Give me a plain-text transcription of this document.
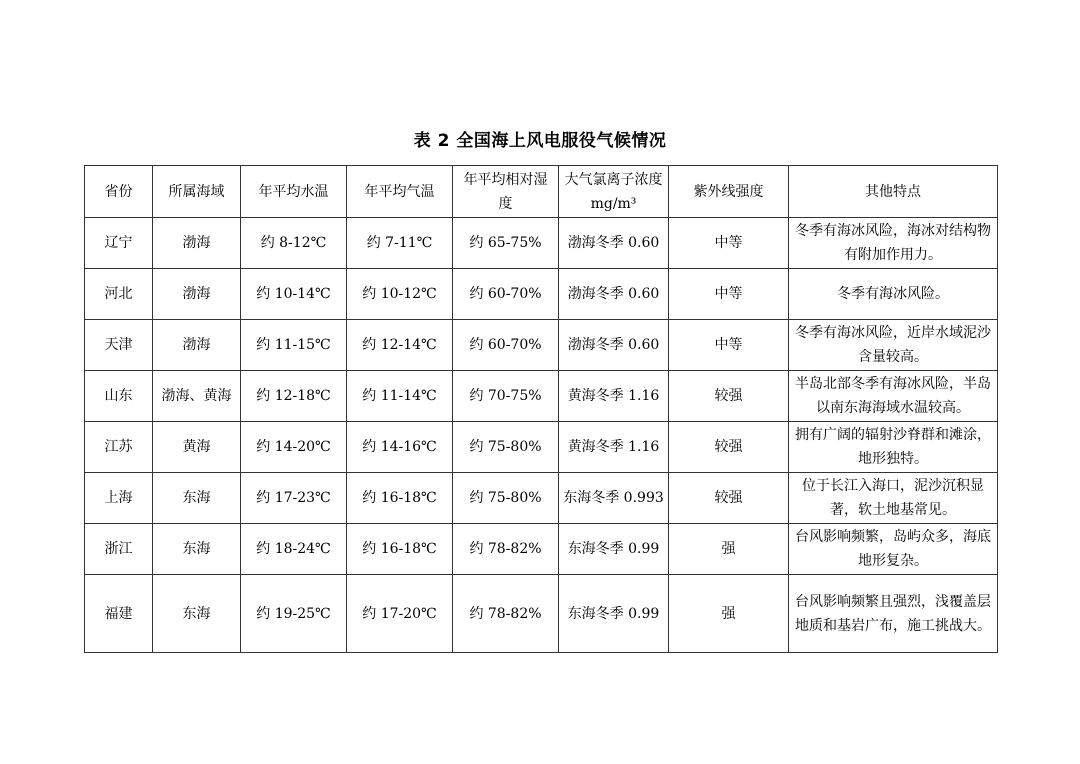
表 2 全国海上风电服役气候情况
省份	所属海域	年平均水温	年平均气温	年平均相对湿度	大气氯离子浓度mg/m³	紫外线强度	其他特点
辽宁	渤海	约 8-12℃	约 7-11℃	约 65-75%	渤海冬季 0.60	中等	冬季有海冰风险，海冰对结构物有附加作用力。
河北	渤海	约 10-14℃	约 10-12℃	约 60-70%	渤海冬季 0.60	中等	冬季有海冰风险。
天津	渤海	约 11-15℃	约 12-14℃	约 60-70%	渤海冬季 0.60	中等	冬季有海冰风险，近岸水域泥沙含量较高。
山东	渤海、黄海	约 12-18℃	约 11-14℃	约 70-75%	黄海冬季 1.16	较强	半岛北部冬季有海冰风险，半岛以南东海海域水温较高。
江苏	黄海	约 14-20℃	约 14-16℃	约 75-80%	黄海冬季 1.16	较强	拥有广阔的辐射沙脊群和滩涂，地形独特。
上海	东海	约 17-23℃	约 16-18℃	约 75-80%	东海冬季 0.993	较强	位于长江入海口，泥沙沉积显著，软土地基常见。
浙江	东海	约 18-24℃	约 16-18℃	约 78-82%	东海冬季 0.99	强	台风影响频繁，岛屿众多，海底地形复杂。
福建	东海	约 19-25℃	约 17-20℃	约 78-82%	东海冬季 0.99	强	台风影响频繁且强烈，浅覆盖层地质和基岩广布，施工挑战大。
